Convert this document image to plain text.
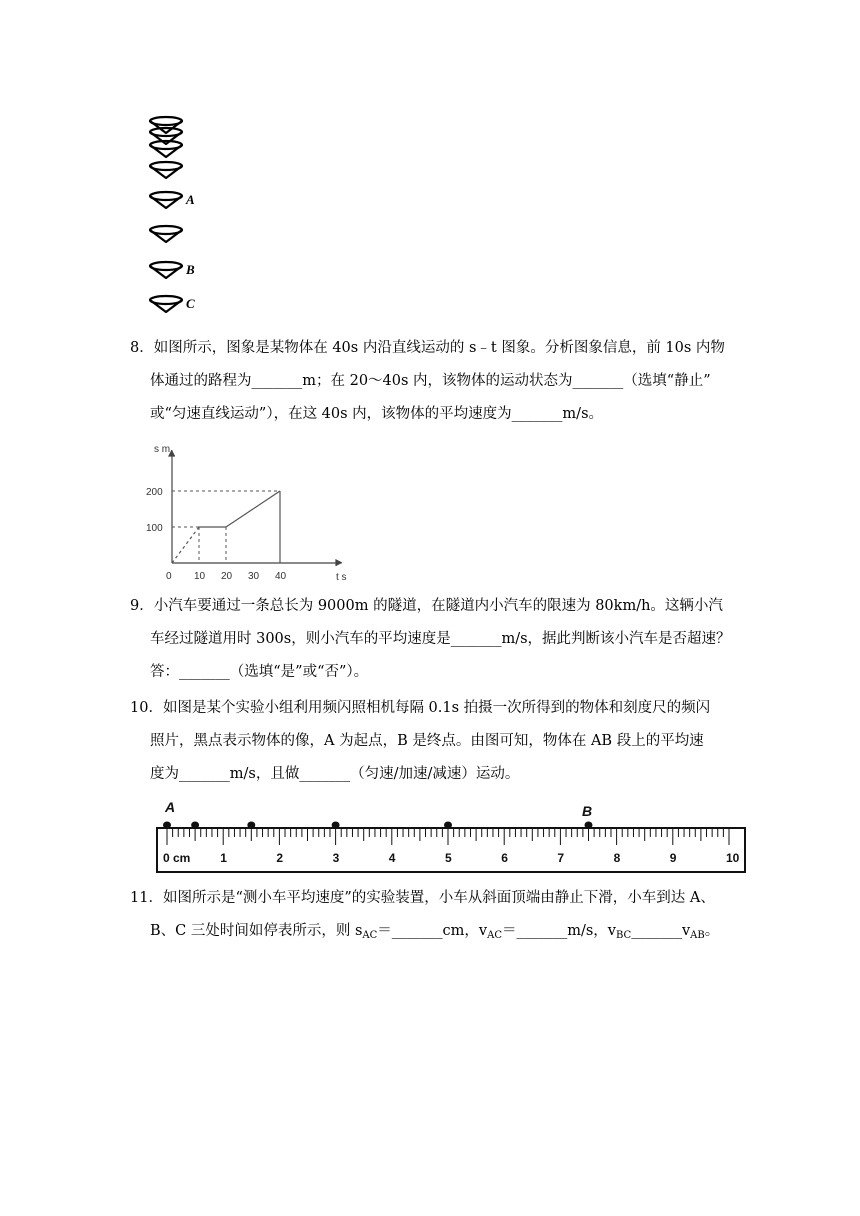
A
B
C
8．如图所示，图象是某物体在 40s 内沿直线运动的 s﹣t 图象。分析图象信息，前 10s 内物
体通过的路程为_______m；在 20～40s 内，该物体的运动状态为_______（选填“静止”
或“匀速直线运动”），在这 40s 内，该物体的平均速度为_______m/s。
200
100
0 10 20 30 40
s m
t s
9．小汽车要通过一条总长为 9000m 的隧道，在隧道内小汽车的限速为 80km/h。这辆小汽
车经过隧道用时 300s，则小汽车的平均速度是_______m/s，据此判断该小汽车是否超速？
答：_______（选填“是”或“否”）。
10．如图是某个实验小组利用频闪照相机每隔 0.1s 拍摄一次所得到的物体和刻度尺的频闪
照片，黑点表示物体的像，A 为起点，B 是终点。由图可知，物体在 AB 段上的平均速
度为_______m/s，且做_______（匀速/加速/减速）运动。
0 cm 1	2	3	4	5	6	7	8	9	10
A	B
11．如图所示是“测小车平均速度”的实验装置，小车从斜面顶端由静止下滑，小车到达 A、
B、C 三处时间如停表所示，则 $s_{AC}=\_\_\_\_\_\_\_cm$，$v_{AC}=\_\_\_\_\_\_\_m/s$，$v_{BC}\_\_\_\_\_\_\_v_{AB}$。
